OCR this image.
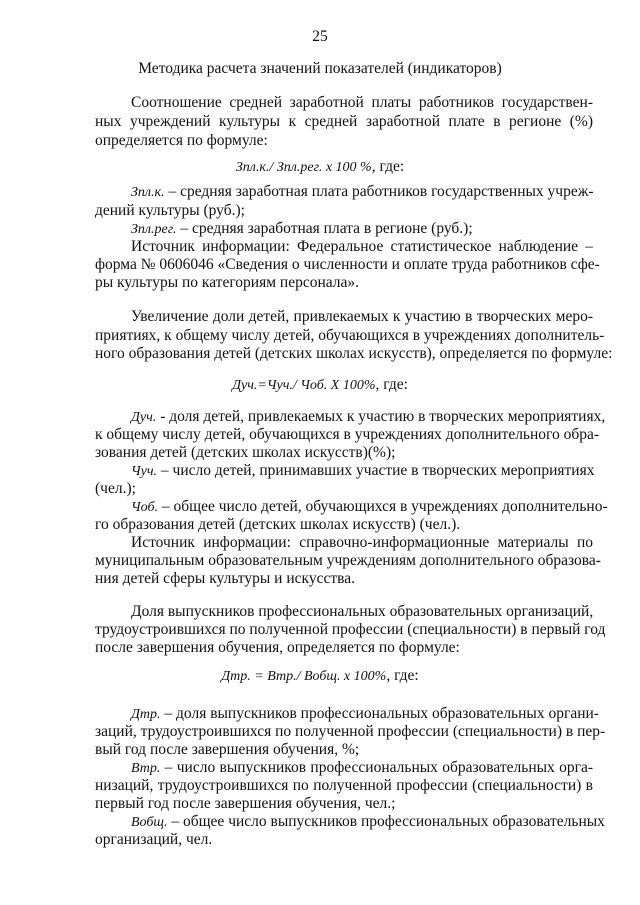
25
Методика расчета значений показателей (индикаторов)
Соотношение средней заработной платы работников государствен-
ных учреждений культуры к средней заработной плате в регионе (%)
определяется по формуле:
Зпл.к./ Зпл.рег. х 100 %, где:
Зпл.к. – средняя заработная плата работников государственных учреж-
дений культуры (руб.);
Зпл.рег. – средняя заработная плата в регионе (руб.);
Источник информации: Федеральное статистическое наблюдение –
форма № 0606046 «Сведения о численности и оплате труда работников сфе-
ры культуры по категориям персонала».
Увеличение доли детей, привлекаемых к участию в творческих меро-
приятиях, к общему числу детей, обучающихся в учреждениях дополнитель-
ного образования детей (детских школах искусств), определяется по формуле:
Дуч.=Чуч./ Чоб. Х 100%, где:
Дуч. - доля детей, привлекаемых к участию в творческих мероприятиях,
к общему числу детей, обучающихся в учреждениях дополнительного обра-
зования детей (детских школах искусств)(%);
Чуч. – число детей, принимавших участие в творческих мероприятиях
(чел.);
Чоб. – общее число детей, обучающихся в учреждениях дополнительно-
го образования детей (детских школах искусств) (чел.).
Источник информации: справочно-информационные материалы по
муниципальным образовательным учреждениям дополнительного образова-
ния детей сферы культуры и искусства.
Доля выпускников профессиональных образовательных организаций,
трудоустроившихся по полученной профессии (специальности) в первый год
после завершения обучения, определяется по формуле:
Дтр. = Втр./ Вобщ. х 100%, где:
Дтр. – доля выпускников профессиональных образовательных органи-
заций, трудоустроившихся по полученной профессии (специальности) в пер-
вый год после завершения обучения, %;
Втр. – число выпускников профессиональных образовательных орга-
низаций, трудоустроившихся по полученной профессии (специальности) в
первый год после завершения обучения, чел.;
Вобщ. – общее число выпускников профессиональных образовательных
организаций, чел.
